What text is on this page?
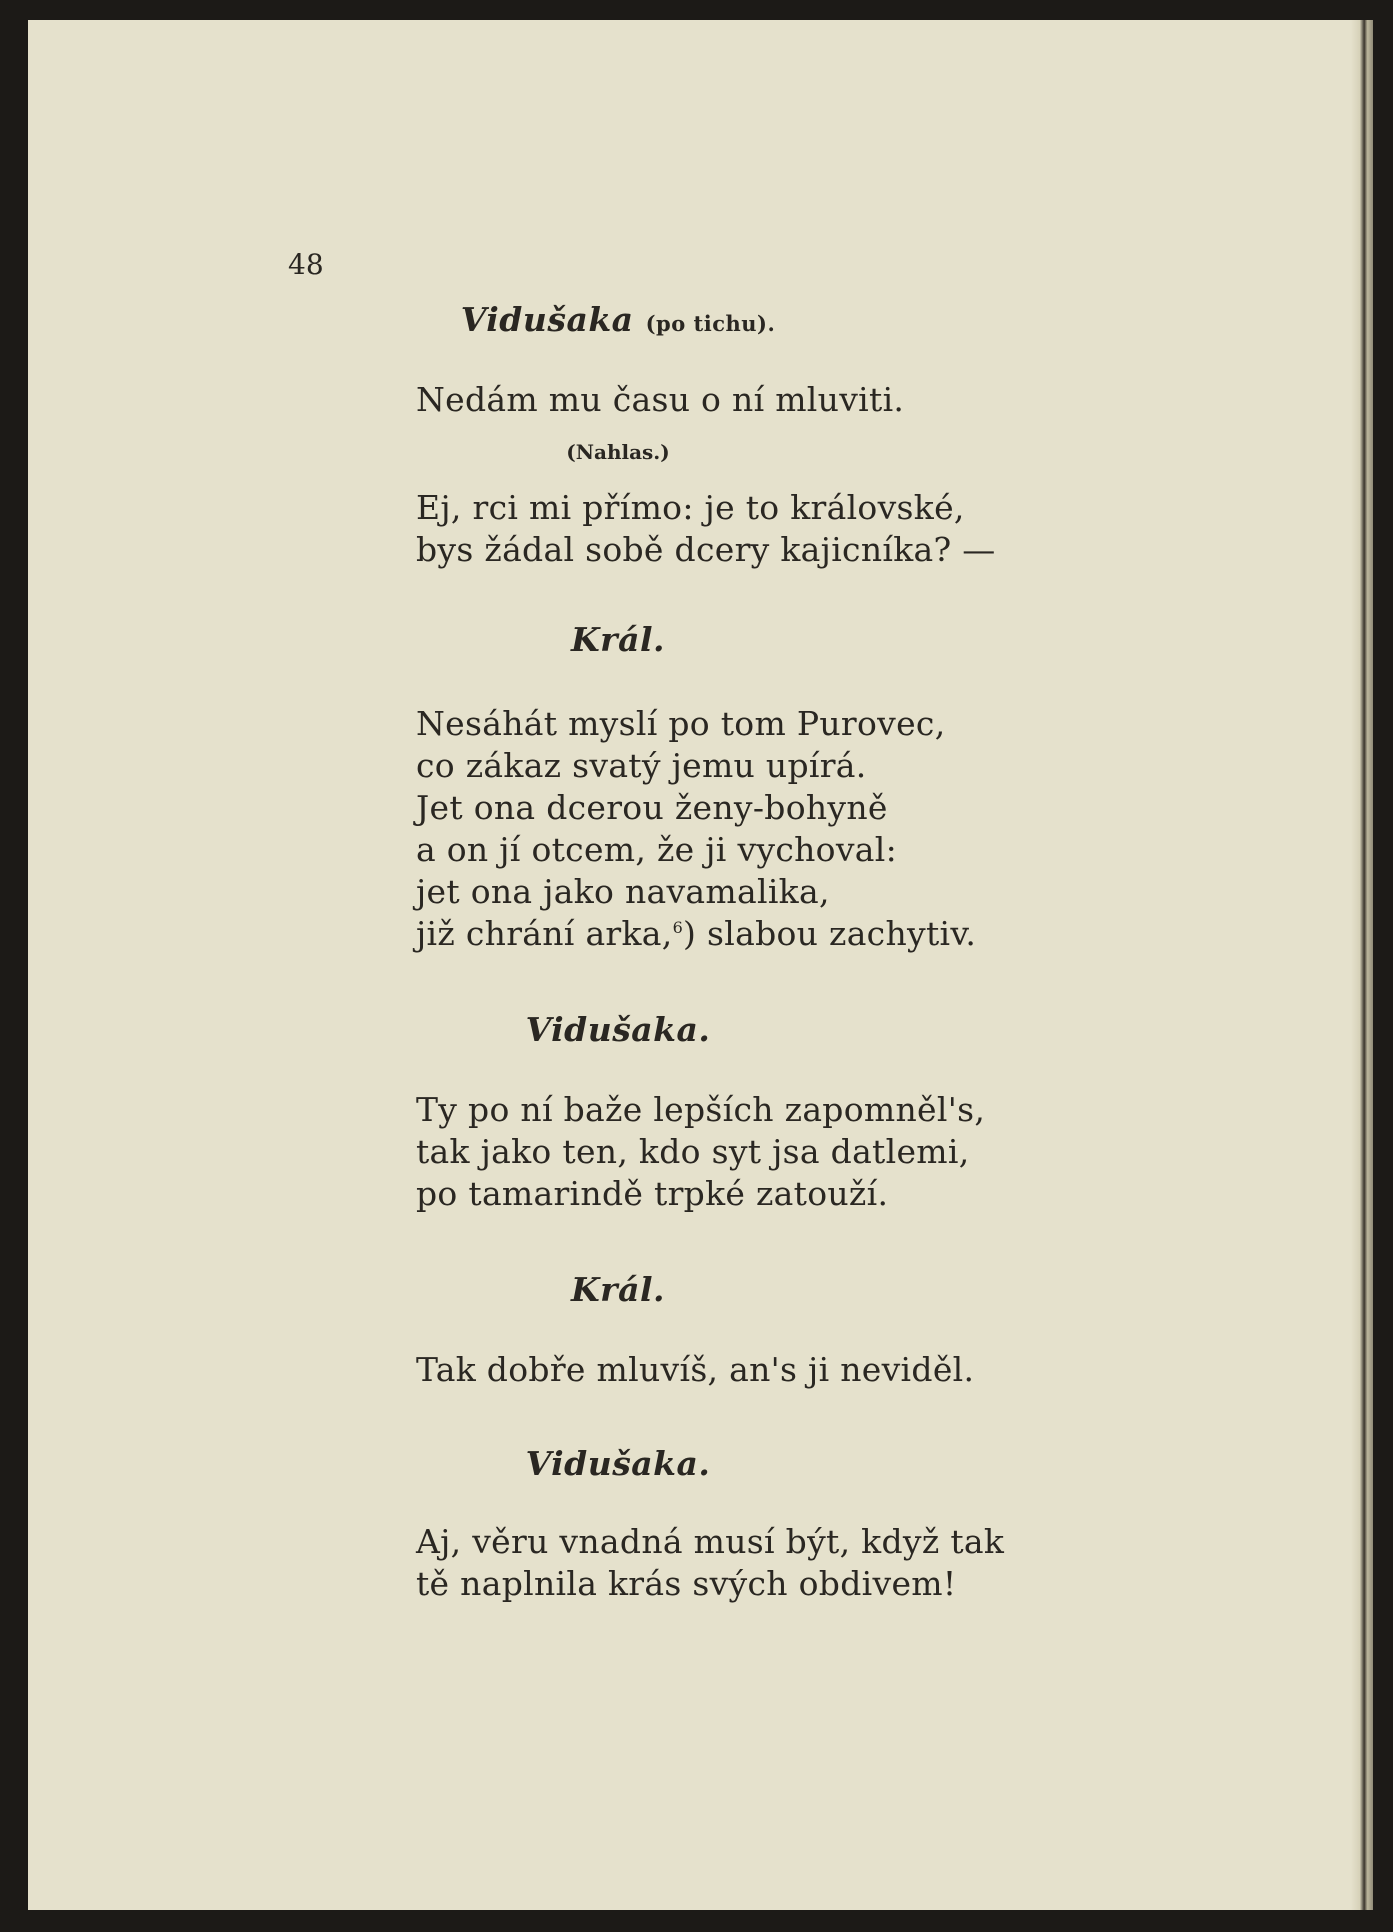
48
Vidušaka (po tichu).
Nedám mu času o ní mluviti.
(Nahlas.)
Ej, rci mi přímo: je to královské,
bys žádal sobě dcery kajicníka? —
Král.
Nesáhát myslí po tom Purovec,
co zákaz svatý jemu upírá.
Jet ona dcerou ženy-bohyně
a on jí otcem, že ji vychoval:
jet ona jako navamalika,
již chrání arka,$^6$) slabou zachytiv.
Vidušaka.
Ty po ní baže lepších zapomněl's,
tak jako ten, kdo syt jsa datlemi,
po tamarindě trpké zatouží.
Král.
Tak dobře mluvíš, an's ji neviděl.
Vidušaka.
Aj, věru vnadná musí být, když tak
tě naplnila krás svých obdivem!
